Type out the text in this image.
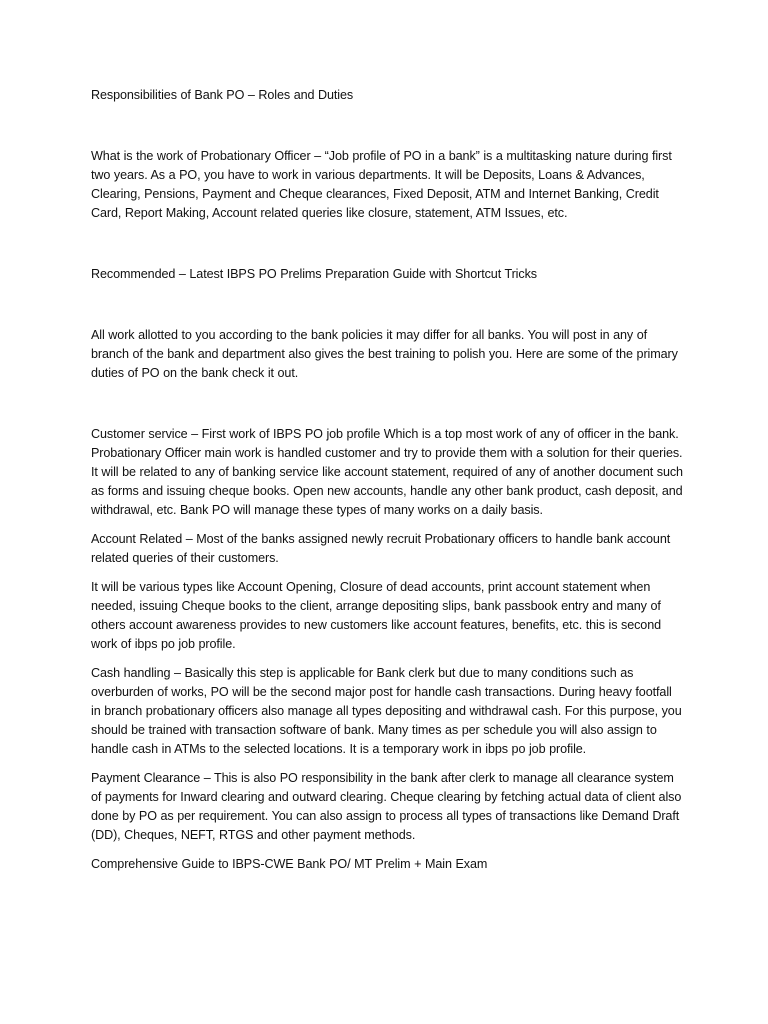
Responsibilities of Bank PO – Roles and Duties

What is the work of Probationary Officer – “Job profile of PO in a bank” is a multitasking nature during first two years. As a PO, you have to work in various departments. It will be Deposits, Loans & Advances, Clearing, Pensions, Payment and Cheque clearances, Fixed Deposit, ATM and Internet Banking, Credit Card, Report Making, Account related queries like closure, statement, ATM Issues, etc.

Recommended – Latest IBPS PO Prelims Preparation Guide with Shortcut Tricks

All work allotted to you according to the bank policies it may differ for all banks. You will post in any of branch of the bank and department also gives the best training to polish you. Here are some of the primary duties of PO on the bank check it out.

Customer service – First work of IBPS PO job profile Which is a top most work of any of officer in the bank. Probationary Officer main work is handled customer and try to provide them with a solution for their queries. It will be related to any of banking service like account statement, required of any of another document such as forms and issuing cheque books. Open new accounts, handle any other bank product, cash deposit, and withdrawal, etc. Bank PO will manage these types of many works on a daily basis.

Account Related – Most of the banks assigned newly recruit Probationary officers to handle bank account related queries of their customers.

It will be various types like Account Opening, Closure of dead accounts, print account statement when needed, issuing Cheque books to the client, arrange depositing slips, bank passbook entry and many of others account awareness provides to new customers like account features, benefits, etc. this is second work of ibps po job profile.

Cash handling – Basically this step is applicable for Bank clerk but due to many conditions such as overburden of works, PO will be the second major post for handle cash transactions. During heavy footfall in branch probationary officers also manage all types depositing and withdrawal cash. For this purpose, you should be trained with transaction software of bank. Many times as per schedule you will also assign to handle cash in ATMs to the selected locations. It is a temporary work in ibps po job profile.

Payment Clearance – This is also PO responsibility in the bank after clerk to manage all clearance system of payments for Inward clearing and outward clearing. Cheque clearing by fetching actual data of client also done by PO as per requirement. You can also assign to process all types of transactions like Demand Draft (DD), Cheques, NEFT, RTGS and other payment methods.

Comprehensive Guide to IBPS-CWE Bank PO/ MT Prelim + Main Exam
